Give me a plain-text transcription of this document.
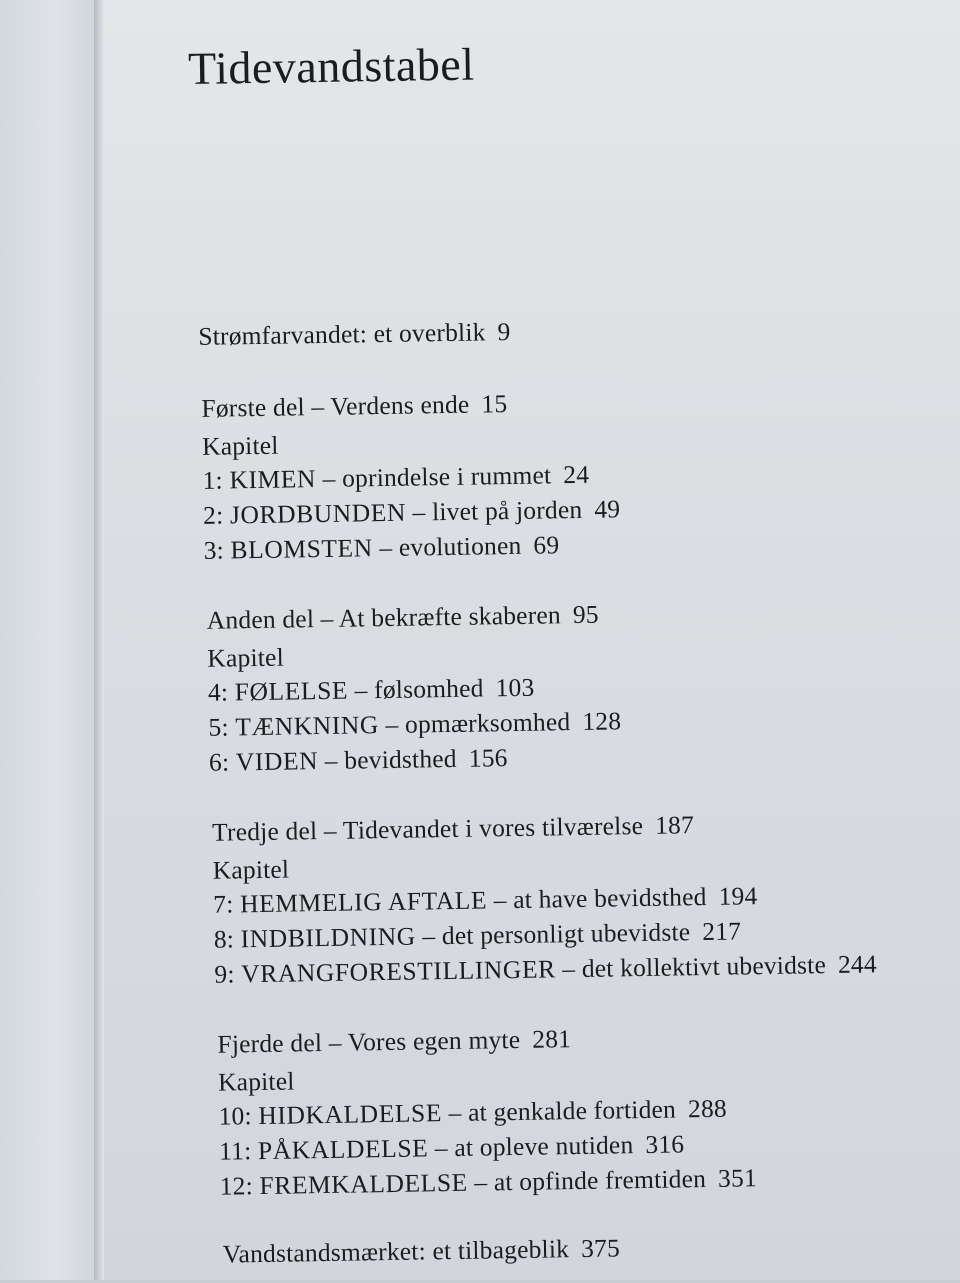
Tidevandstabel
Strømfarvandet: et overblik 9
Første del – Verdens ende 15
Kapitel
1: KIMEN – oprindelse i rummet 24
2: JORDBUNDEN – livet på jorden 49
3: BLOMSTEN – evolutionen 69
Anden del – At bekræfte skaberen 95
Kapitel
4: FØLELSE – følsomhed 103
5: TÆNKNING – opmærksomhed 128
6: VIDEN – bevidsthed 156
Tredje del – Tidevandet i vores tilværelse 187
Kapitel
7: HEMMELIG AFTALE – at have bevidsthed 194
8: INDBILDNING – det personligt ubevidste 217
9: VRANGFORESTILLINGER – det kollektivt ubevidste 244
Fjerde del – Vores egen myte 281
Kapitel
10: HIDKALDELSE – at genkalde fortiden 288
11: PÅKALDELSE – at opleve nutiden 316
12: FREMKALDELSE – at opfinde fremtiden 351
Vandstandsmærket: et tilbageblik 375
